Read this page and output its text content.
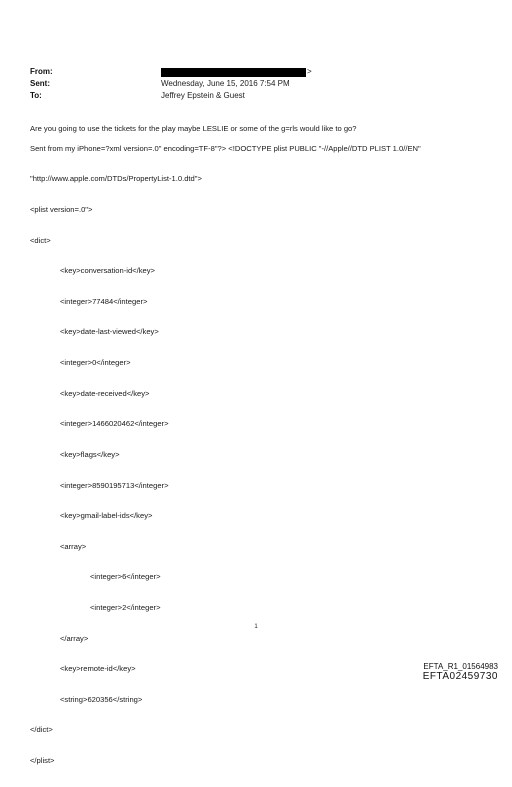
From:	>
Sent:	Wednesday, June 15, 2016 7:54 PM
To:	Jeffrey Epstein & Guest

Are you going to use the tickets for the play maybe LESLIE or some of the g=rls would like to go?

Sent from my iPhone=?xml version=.0" encoding=TF-8"?> <!DOCTYPE plist PUBLIC "-//Apple//DTD PLIST 1.0//EN"

"http://www.apple.com/DTDs/PropertyList-1.0.dtd">

<plist version=.0">

<dict>

<key>conversation-id</key>

<integer>77484</integer>

<key>date-last-viewed</key>

<integer>0</integer>

<key>date-received</key>

<integer>1466020462</integer>

<key>flags</key>

<integer>8590195713</integer>

<key>gmail-label-ids</key>

<array>

<integer>6</integer>

<integer>2</integer>

</array>

<key>remote-id</key>

<string>620356</string>

</dict>

</plist>

1
EFTA_R1_01564983
EFTA02459730
